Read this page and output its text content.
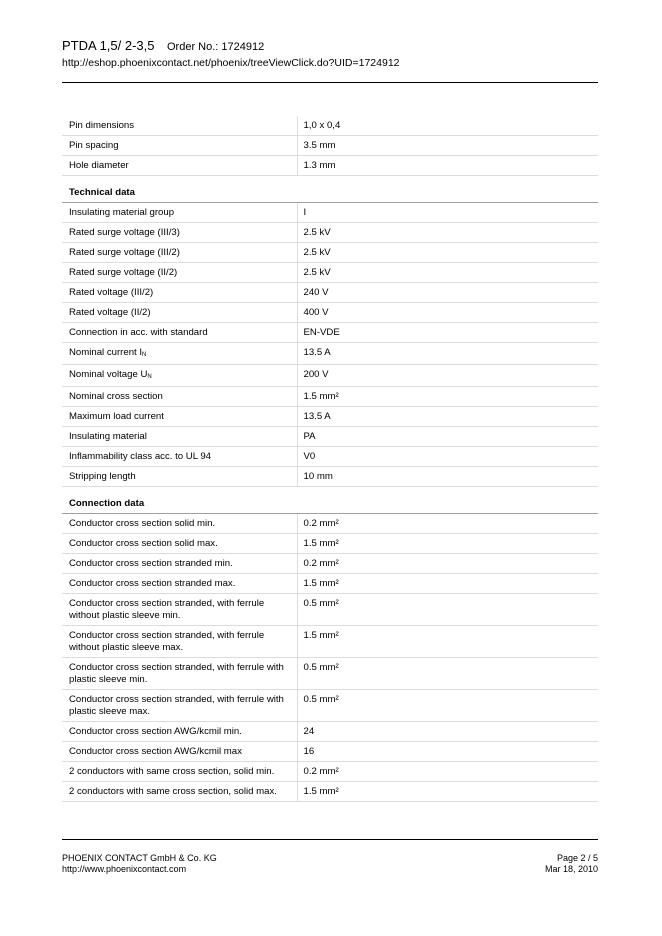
PTDA 1,5/ 2-3,5 Order No.: 1724912
http://eshop.phoenixcontact.net/phoenix/treeViewClick.do?UID=1724912
Pin dimensions	1,0 x 0,4
Pin spacing	3.5 mm
Hole diameter	1.3 mm
Technical data	
Insulating material group	I
Rated surge voltage (III/3)	2.5 kV
Rated surge voltage (III/2)	2.5 kV
Rated surge voltage (II/2)	2.5 kV
Rated voltage (III/2)	240 V
Rated voltage (II/2)	400 V
Connection in acc. with standard	EN-VDE
Nominal current $I_N$	13.5 A
Nominal voltage $U_N$	200 V
Nominal cross section	1.5 mm²
Maximum load current	13.5 A
Insulating material	PA
Inflammability class acc. to UL 94	V0
Stripping length	10 mm
Connection data	
Conductor cross section solid min.	0.2 mm²
Conductor cross section solid max.	1.5 mm²
Conductor cross section stranded min.	0.2 mm²
Conductor cross section stranded max.	1.5 mm²
Conductor cross section stranded, with ferrule without plastic sleeve min.	0.5 mm²
Conductor cross section stranded, with ferrule without plastic sleeve max.	1.5 mm²
Conductor cross section stranded, with ferrule with plastic sleeve min.	0.5 mm²
Conductor cross section stranded, with ferrule with plastic sleeve max.	0.5 mm²
Conductor cross section AWG/kcmil min.	24
Conductor cross section AWG/kcmil max	16
2 conductors with same cross section, solid min.	0.2 mm²
2 conductors with same cross section, solid max.	1.5 mm²
PHOENIX CONTACT GmbH & Co. KG
http://www.phoenixcontact.com
Page 2 / 5
Mar 18, 2010
